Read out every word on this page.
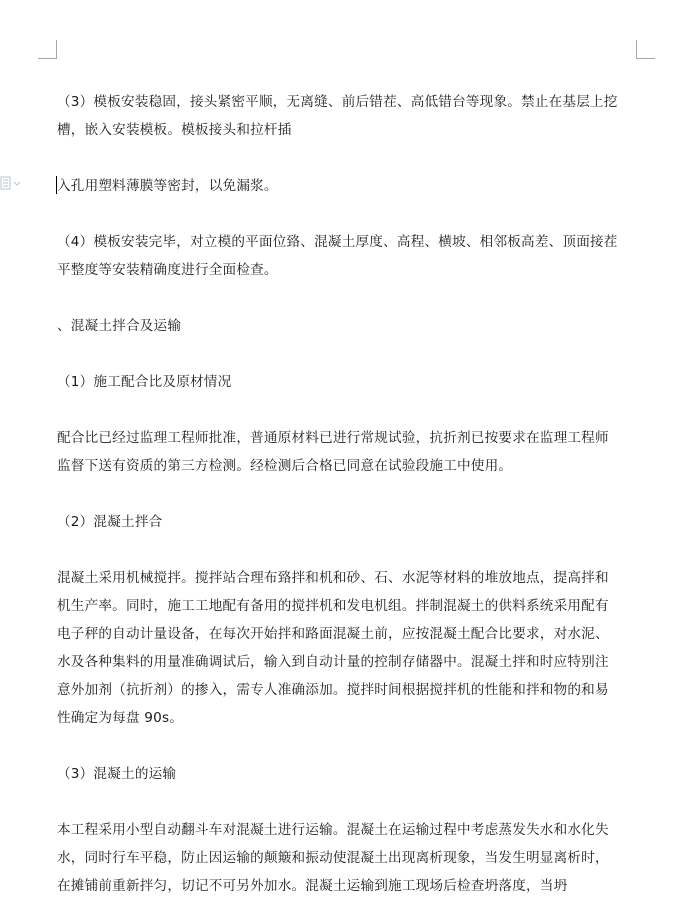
（3）模板安装稳固，接头紧密平顺，无离缝、前后错茬、高低错台等现象。禁止在基层上挖
槽，嵌入安装模板。模板接头和拉杆插

入孔用塑料薄膜等密封，以免漏浆。

（4）模板安装完毕，对立模的平面位臵、混凝土厚度、高程、横坡、相邻板高差、顶面接茬
平整度等安装精确度进行全面检查。

、混凝土拌合及运输

（1）施工配合比及原材情况

配合比已经过监理工程师批准，普通原材料已进行常规试验，抗折剂已按要求在监理工程师
监督下送有资质的第三方检测。经检测后合格已同意在试验段施工中使用。

（2）混凝土拌合

混凝土采用机械搅拌。搅拌站合理布臵拌和机和砂、石、水泥等材料的堆放地点，提高拌和
机生产率。同时，施工工地配有备用的搅拌机和发电机组。拌制混凝土的供料系统采用配有
电子秤的自动计量设备，在每次开始拌和路面混凝土前，应按混凝土配合比要求，对水泥、
水及各种集料的用量准确调试后，输入到自动计量的控制存储器中。混凝土拌和时应特别注
意外加剂（抗折剂）的掺入，需专人准确添加。搅拌时间根据搅拌机的性能和拌和物的和易
性确定为每盘 90s。

（3）混凝土的运输

本工程采用小型自动翻斗车对混凝土进行运输。混凝土在运输过程中考虑蒸发失水和水化失
水，同时行车平稳，防止因运输的颠簸和振动使混凝土出现离析现象，当发生明显离析时，
在摊铺前重新拌匀，切记不可另外加水。混凝土运输到施工现场后检查坍落度，当坍
